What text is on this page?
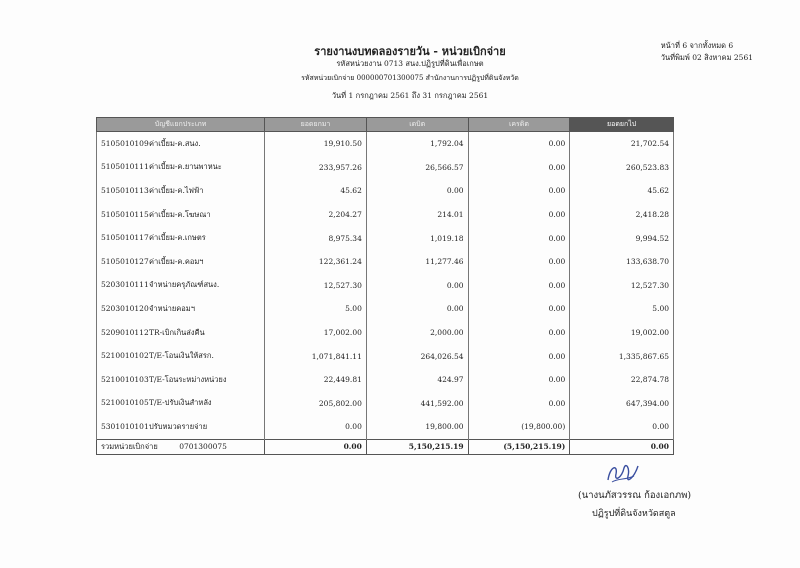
รายงานงบทดลองรายวัน - หน่วยเบิกจ่าย
รหัสหน่วยงาน 0713 สนง.ปฏิรูปที่ดินเพื่อเกษต
รหัสหน่วยเบิกจ่าย 000000701300075 สำนักงานการปฏิรูปที่ดินจังหวัด
วันที่ 1 กรกฎาคม 2561 ถึง 31 กรกฎาคม 2561
หน้าที่ 6 จากทั้งหมด 6
วันที่พิมพ์ 02 สิงหาคม 2561
บัญชีแยกประเภท	ยอดยกมา	เดบิต	เครดิต	ยอดยกไป
5105010109ค่าเบี้ยม-ค.สนง.	19,910.50	1,792.04	0.00	21,702.54
5105010111ค่าเบี้ยม-ค.ยานพาหนะ	233,957.26	26,566.57	0.00	260,523.83
5105010113ค่าเบี้ยม-ค.ไฟฟ้า	45.62	0.00	0.00	45.62
5105010115ค่าเบี้ยม-ค.โฆษณา	2,204.27	214.01	0.00	2,418.28
5105010117ค่าเบี้ยม-ค.เกษตร	8,975.34	1,019.18	0.00	9,994.52
5105010127ค่าเบี้ยม-ค.คอมฯ	122,361.24	11,277.46	0.00	133,638.70
5203010111จำหน่ายครุภัณฑ์สนง.	12,527.30	0.00	0.00	12,527.30
5203010120จำหน่ายคอมฯ	5.00	0.00	0.00	5.00
5209010112TR-เบิกเกินส่งคืน	17,002.00	2,000.00	0.00	19,002.00
5210010102T/E-โอนเงินให้สรก.	1,071,841.11	264,026.54	0.00	1,335,867.65
5210010103T/E-โอนระหม่างหน่วยง	22,449.81	424.97	0.00	22,874.78
5210010105T/E-ปรับเงินสำหลัง	205,802.00	441,592.00	0.00	647,394.00
5301010101ปรับหมวดรายจ่าย	0.00	19,800.00	(19,800.00)	0.00
รวมหน่วยเบิกจ่าย 0701300075	0.00	5,150,215.19	(5,150,215.19)	0.00
(นางนภัสวรรณ ก้องเอกภพ)
ปฏิรูปที่ดินจังหวัดสตูล
